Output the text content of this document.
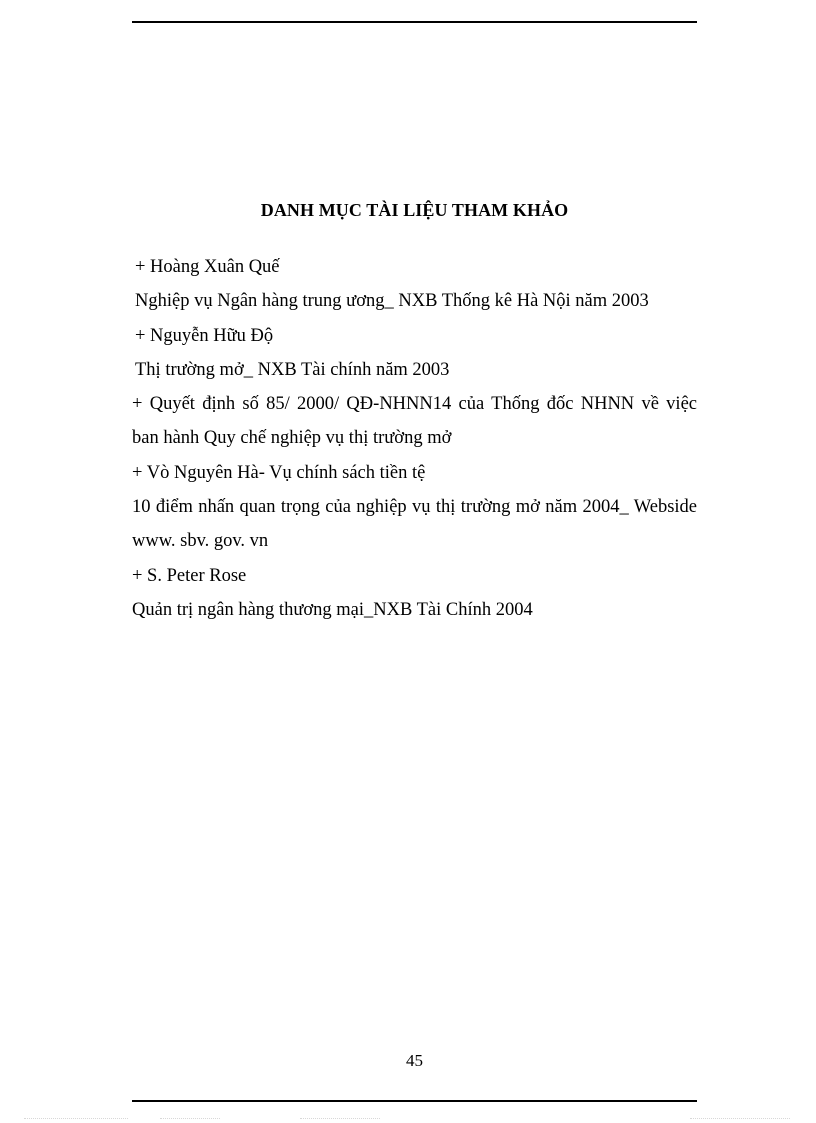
DANH MỤC TÀI LIỆU THAM KHẢO
+ Hoàng Xuân Quế
Nghiệp vụ Ngân hàng trung ương_ NXB Thống kê Hà Nội năm 2003
+ Nguyễn Hữu Độ
Thị trường mở_ NXB Tài chính năm 2003
+ Quyết định số 85/ 2000/ QĐ-NHNN14 của Thống đốc NHNN về việc
ban hành Quy chế nghiệp vụ thị trường mở
+ Vò Nguyên Hà- Vụ chính sách tiền tệ
10 điểm nhấn quan trọng của nghiệp vụ thị trường mở năm 2004_ Webside
www. sbv. gov. vn
+ S. Peter Rose
Quản trị ngân hàng thương mại_NXB Tài Chính 2004
45
